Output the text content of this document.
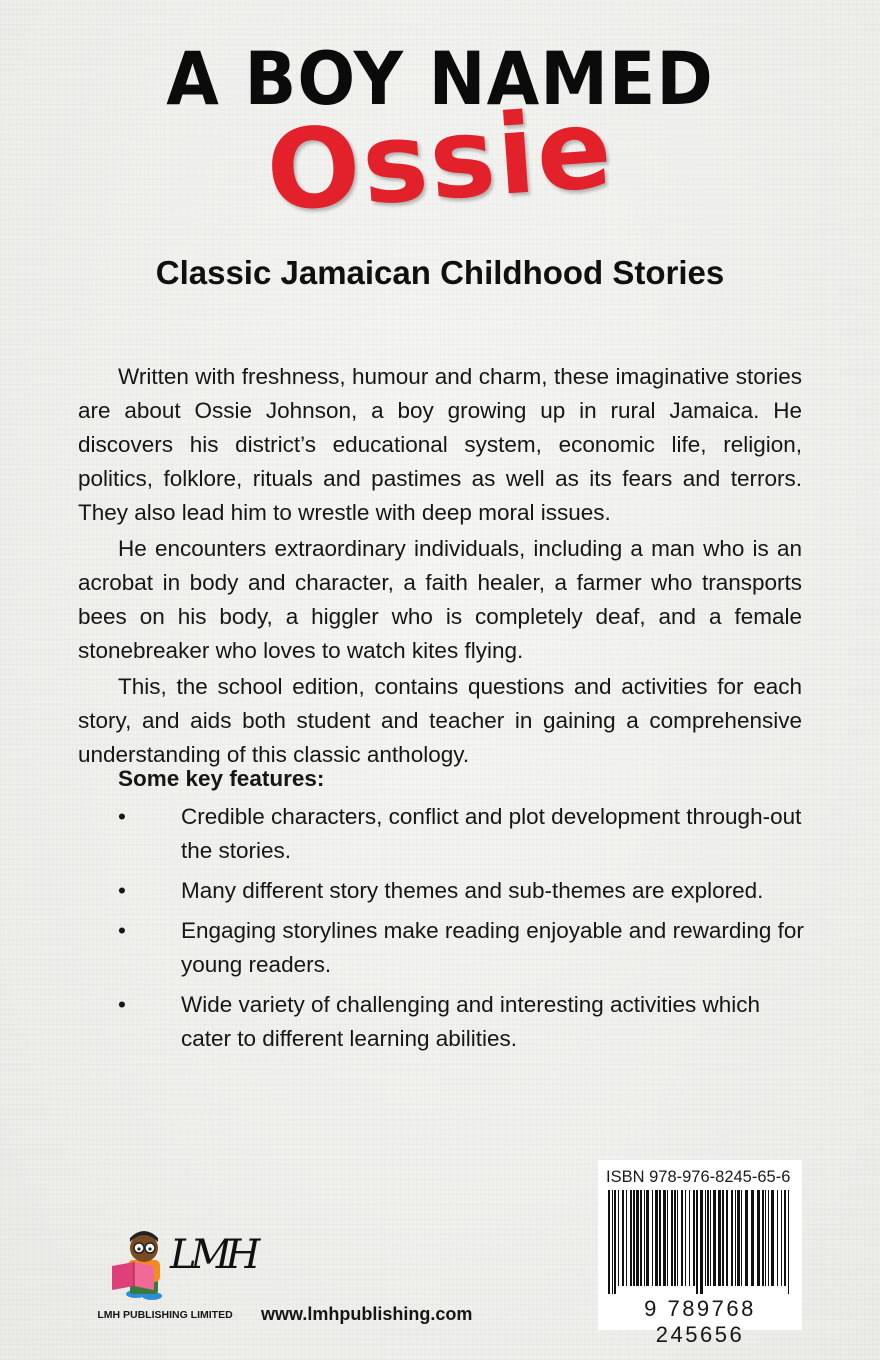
A BOY NAMED
Ossie
Classic Jamaican Childhood Stories

Written with freshness, humour and charm, these imaginative stories are about Ossie Johnson, a boy growing up in rural Jamaica. He discovers his district’s educational system, economic life, religion, politics, folklore, rituals and pastimes as well as its fears and terrors. They also lead him to wrestle with deep moral issues.

He encounters extraordinary individuals, including a man who is an acrobat in body and character, a faith healer, a farmer who transports bees on his body, a higgler who is completely deaf, and a female stonebreaker who loves to watch kites flying.

This, the school edition, contains questions and activities for each story, and aids both student and teacher in gaining a comprehensive understanding of this classic anthology.

Some key features:
• Credible characters, conflict and plot development through-out the stories.
• Many different story themes and sub-themes are explored.
• Engaging storylines make reading enjoyable and rewarding for young readers.
• Wide variety of challenging and interesting activities which cater to different learning abilities.
ISBN 978-976-8245-65-6
9 789768 245656
LMH
LMH PUBLISHING LIMITED	www.lmhpublishing.com
